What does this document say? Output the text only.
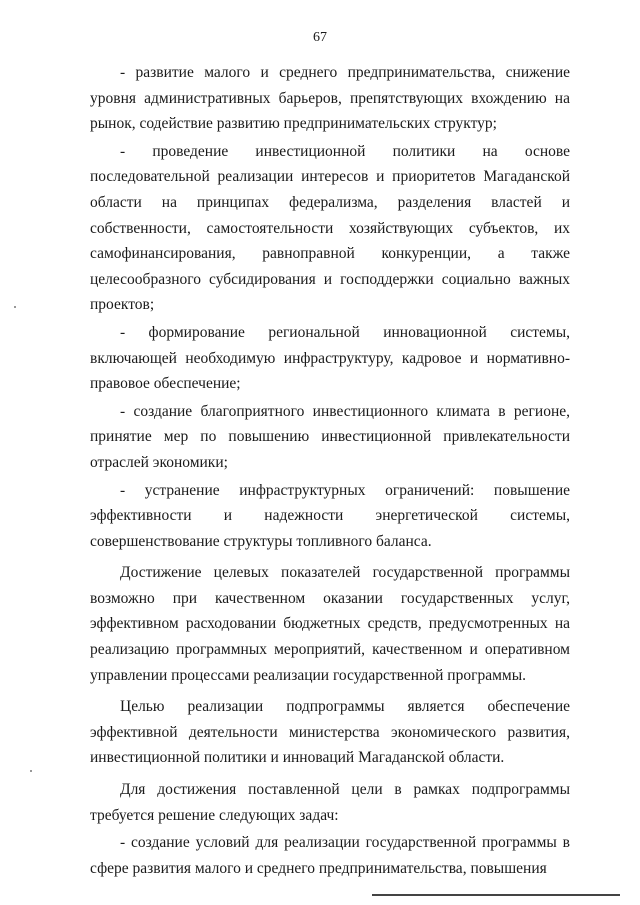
67

- развитие малого и среднего предпринимательства, снижение уровня административных барьеров, препятствующих вхождению на рынок, содействие развитию предпринимательских структур;

- проведение инвестиционной политики на основе последовательной реализации интересов и приоритетов Магаданской области на принципах федерализма, разделения властей и собственности, самостоятельности хозяйствующих субъектов, их самофинансирования, равноправной конкуренции, а также целесообразного субсидирования и господдержки социально важных проектов;

- формирование региональной инновационной системы, включающей необходимую инфраструктуру, кадровое и нормативно-правовое обеспечение;

- создание благоприятного инвестиционного климата в регионе, принятие мер по повышению инвестиционной привлекательности отраслей экономики;

- устранение инфраструктурных ограничений: повышение эффективности и надежности энергетической системы, совершенствование структуры топливного баланса.

Достижение целевых показателей государственной программы возможно при качественном оказании государственных услуг, эффективном расходовании бюджетных средств, предусмотренных на реализацию программных мероприятий, качественном и оперативном управлении процессами реализации государственной программы.

Целью реализации подпрограммы является обеспечение эффективной деятельности министерства экономического развития, инвестиционной политики и инноваций Магаданской области.

Для достижения поставленной цели в рамках подпрограммы требуется решение следующих задач:

- создание условий для реализации государственной программы в сфере развития малого и среднего предпринимательства, повышения
